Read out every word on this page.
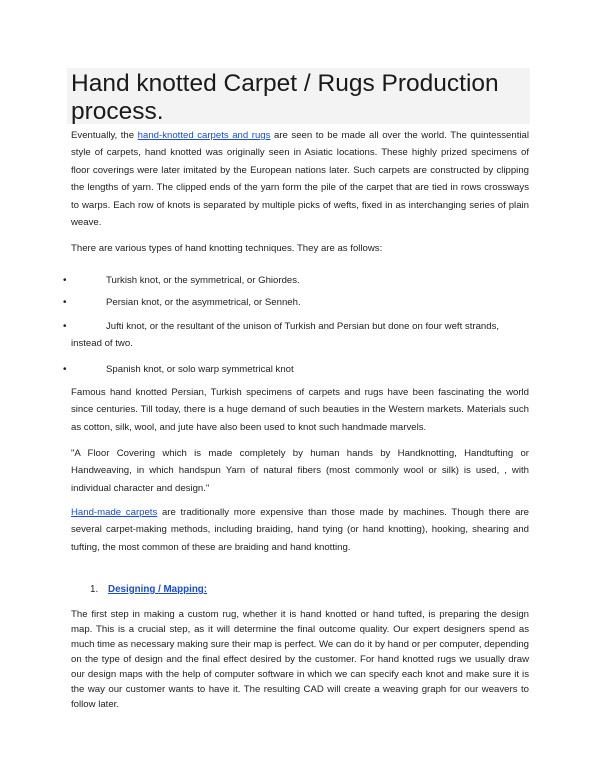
Hand knotted Carpet / Rugs Production process.

Eventually, the hand-knotted carpets and rugs are seen to be made all over the world. The quintessential style of carpets, hand knotted was originally seen in Asiatic locations. These highly prized specimens of floor coverings were later imitated by the European nations later. Such carpets are constructed by clipping the lengths of yarn. The clipped ends of the yarn form the pile of the carpet that are tied in rows crossways to warps. Each row of knots is separated by multiple picks of wefts, fixed in as interchanging series of plain weave.

There are various types of hand knotting techniques. They are as follows:

•	Turkish knot, or the symmetrical, or Ghiordes.
•	Persian knot, or the asymmetrical, or Senneh.
•	Jufti knot, or the resultant of the unison of Turkish and Persian but done on four weft strands, instead of two.
•	Spanish knot, or solo warp symmetrical knot

Famous hand knotted Persian, Turkish specimens of carpets and rugs have been fascinating the world since centuries. Till today, there is a huge demand of such beauties in the Western markets. Materials such as cotton, silk, wool, and jute have also been used to knot such handmade marvels.

"A Floor Covering which is made completely by human hands by Handknotting, Handtufting or Handweaving, in which handspun Yarn of natural fibers (most commonly wool or silk) is used, , with individual character and design."

Hand-made carpets are traditionally more expensive than those made by machines. Though there are several carpet-making methods, including braiding, hand tying (or hand knotting), hooking, shearing and tufting, the most common of these are braiding and hand knotting.

1. Designing / Mapping:

The first step in making a custom rug, whether it is hand knotted or hand tufted, is preparing the design map. This is a crucial step, as it will determine the final outcome quality. Our expert designers spend as much time as necessary making sure their map is perfect. We can do it by hand or per computer, depending on the type of design and the final effect desired by the customer. For hand knotted rugs we usually draw our design maps with the help of computer software in which we can specify each knot and make sure it is the way our customer wants to have it. The resulting CAD will create a weaving graph for our weavers to follow later.
